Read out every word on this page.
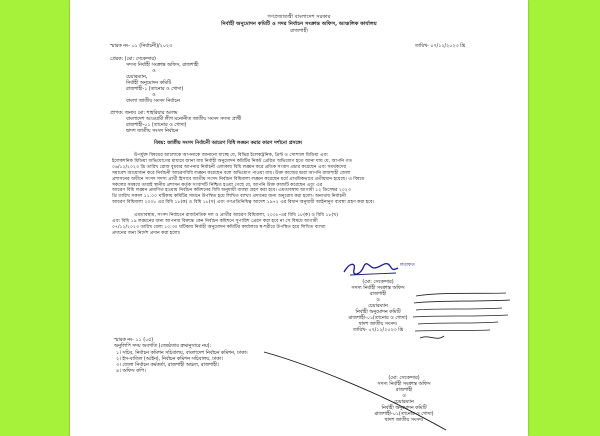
গণপ্রজাতন্ত্রী বাংলাদেশ সরকার
নির্বাহী অনুমোদন কমিটি ও সদর নির্বাচন সংক্রান্ত অফিস, আঞ্চলিক কার্যালয়
রাজশাহী
স্মারক নং- ০১ (নির্বাচনী)/২০২৩	তারিখ- ০৭/১২/২০২৩ খ্রি
প্রেরক: (মো: সেকেন্দার)
সদস্য নির্বাহী সংক্রান্ত অফিস, রাজশাহী
ও
চেয়ারম্যান,
নির্বাহী অনুমোদন কমিটি
রাজশাহী-১ (তানোর ও গোদা)
ও
বাংলা জাতীয় সংসদ নির্বাচন
প্রাপক: জনাব মো: শাহরিয়ার আলম
বাংলাদেশ আওয়ামী লীগ মনোনীত জাতীয় সংসদ সদস্য প্রার্থী
রাজশাহী-০১ (তানোর ও গোদা)
দ্বাদশ জাতীয় সংসদ নির্বাচন
বিষয়: জাতীয় সংসদ নির্বাচনী আচরণ বিধি লঙ্ঘন করার কারণ দর্শানো প্রসঙ্গে।
উপর্যুক্ত বিষয়ের আলোকে আপনাকে জানানো যাচ্ছে যে, বিভিন্ন ইলেকট্রনিক, প্রিন্ট ও সোশ্যাল মিডিয়া এবং
ইলেকশনিক মিডিয়া অভিযোগের মাধ্যমে জানা যায় নির্বাহী অনুমোদন কমিটির নিকট প্রেরিত অভিযোগ হতে জানা যায় যে, আপনি গত
০৬/১২/২০২৩ খ্রি তারিখ রোজ বুধবার আপনার নির্বাচনী এলাকায় বিধি লঙ্ঘন করে প্রতিক সংবাদ প্রচার করেছেন এবং সমর্থকদের
সমাবেশ আয়োজন করে নির্বাচনী আচরণবিধি লঙ্ঘন করেছেন বলে অভিযোগ পাওয়া যায়। উক্ত কাজের দ্বারা আপনি রাজশাহী জেলা
প্রশাসনের অধীনে সংসদ সদস্য প্রার্থী হিসাবে জাতীয় সংসদ নির্বাচন বিধিমালা লঙ্ঘন করেছেন মর্মে প্রাথমিকভাবে প্রতীয়মান হয়েছে। এ বিষয়ে
সকলের সমন্বয়ে তারাই স্থানীয় প্রশাসন কর্তৃক সংবাদটি নিশ্চিত হওয়া গেছে যে, আপনি উক্ত কাজটি করেছেন এবং এর
আচরণ বিধি লঙ্ঘন প্রমাণিত হওয়ায় নির্বাচন কমিশনের বিধি অনুযায়ী ব্যবস্থা গ্রহণ করা হবে। এমতাবস্থায় আগামী ১২ ডিসেম্বর ২০২৩
খ্রি তারিখ সকাল ১১.০০ ঘটিকায় কমিটির সামনে উপস্থিত হয়ে লিখিত ব্যাখ্যা প্রদানের জন্য অনুরোধ করা হলো। অন্যথায় নির্বাচনী
আচরণ বিধিমালা ২০০৮ এর বিধি ১৮(ক) ও বিধি ১৮(খ) এবং গণপ্রতিনিধিত্ব আদেশ ১৯৭২ এর বিধান অনুযায়ী আইনানুগ ব্যবস্থা গ্রহণ করা হবে।
এমতাবস্থায়, সংসদ নির্বাচনে রাজনৈতিক দল ও প্রার্থীর আচরণ বিধিমালা, ২০০৮-এর বিধি ১৮(ক) ও বিধি ১৮(খ)
এবং বিধি ১৯ লঙ্ঘনের জন্য আপনার বিরুদ্ধে কেন নির্বাচন কমিশনে সুপারিশ প্রেরণ করা হবে না সে বিষয়ে আগামী
০৭/১২/২০২৩ তারিখ বেলা ১০:৩০ ঘটিকায় নির্বাহী অনুমোদন কমিটির কার্যালয়ে স্ব-শরীরে উপস্থিত হয়ে লিখিত ব্যাখ্যা
প্রদানের জন্য নির্দেশ প্রদান করা হলো।
লতাফত
(মো: সেকেন্দার)
সদস্য নির্বাহী সংক্রান্ত অফিস
রাজশাহী
ও
চেয়ারম্যান
নির্বাহী অনুমোদন কমিটি
রাজশাহী-০১(তানোর ও গোদা)
দ্বাদশ জাতীয় সংসদ।
তারিখ- ০৭/১২/২০২৩ খ্রি
স্মারক নং- ১১ (০৫)
অনুলিপি সদয় অবগতি (জ্যেষ্ঠতার ক্রমানুসারে নয়):
১। সচিব, নির্বাচন কমিশন সচিবালয়, বাংলাদেশ নির্বাচন কমিশন, ঢাকা।
২। ইস-বাতিল (আইন), নির্বাচন কমিশন সচিবালয়, ঢাকা।
৩। জেলা নির্বাচন কর্মকর্তা, রাজশাহী অঞ্চল, রাজশাহী।
৪। অফিস কপি।
(মো: সেকেন্দার)
সদস্য নির্বাহী সংক্রান্ত অফিস
রাজশাহী
ও
চেয়ারম্যান
নির্বাহী অনুমোদন কমিটি
রাজশাহী-০১(তানোর ও গোদা)
দ্বাদশ জাতীয় সংসদ।
